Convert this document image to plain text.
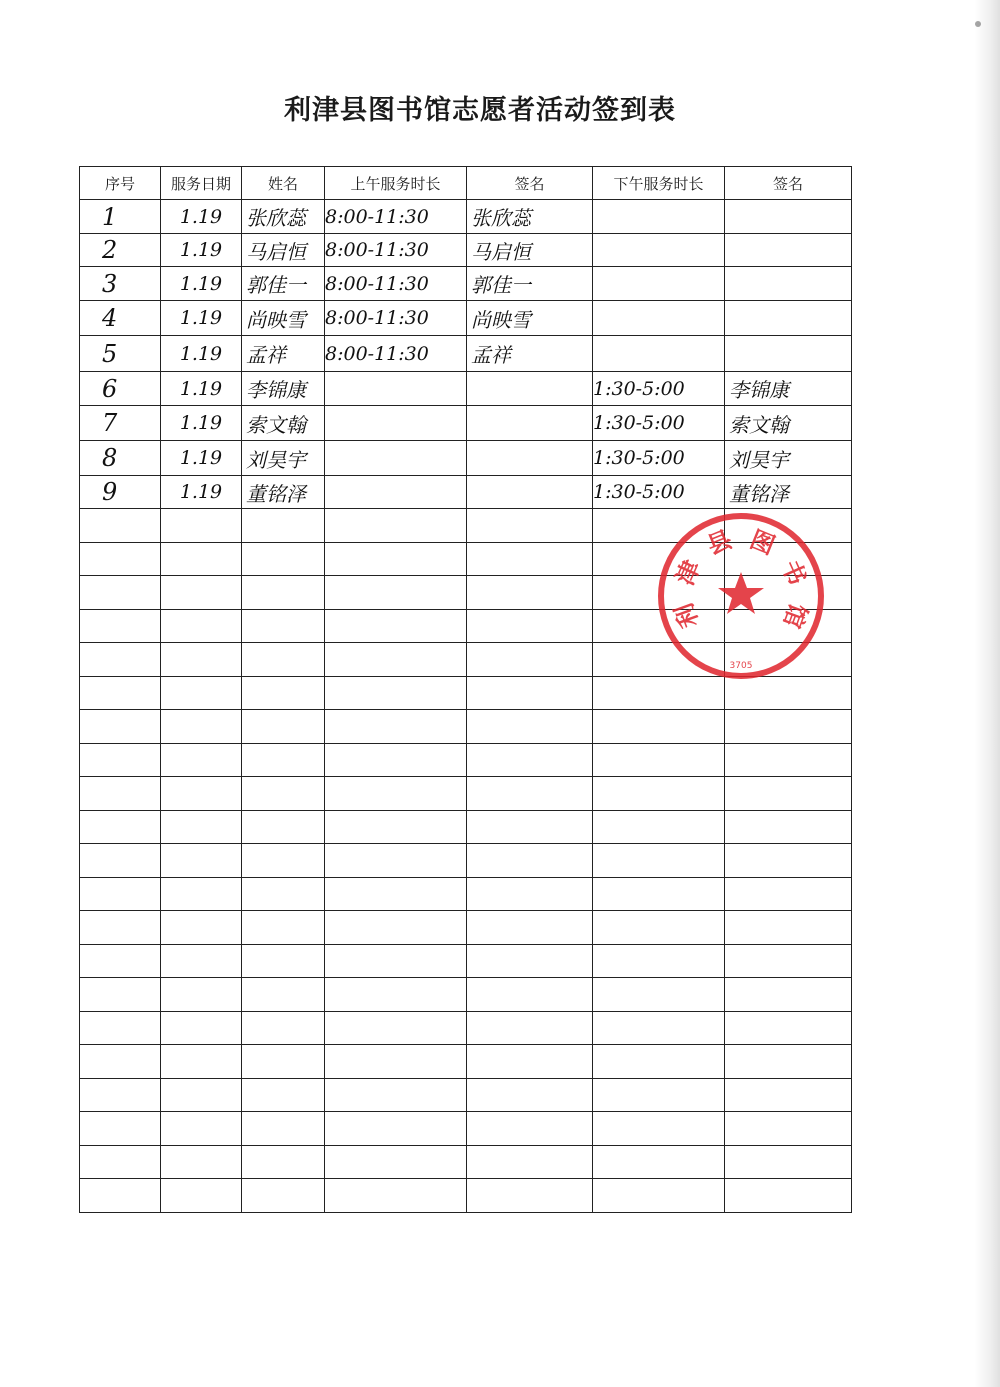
利津县图书馆志愿者活动签到表
序号	服务日期	姓名	上午服务时长	签名	下午服务时长	签名
1	1.19	张欣蕊	8:00-11:30	张欣蕊		
2	1.19	马启恒	8:00-11:30	马启恒		
3	1.19	郭佳一	8:00-11:30	郭佳一		
4	1.19	尚映雪	8:00-11:30	尚映雪		
5	1.19	孟祥	8:00-11:30	孟祥		
6	1.19	李锦康			1:30-5:00	李锦康
7	1.19	索文翰			1:30-5:00	索文翰
8	1.19	刘昊宇			1:30-5:00	刘昊宇
9	1.19	董铭泽			1:30-5:00	董铭泽

3705
利
津
县 图
书
馆
